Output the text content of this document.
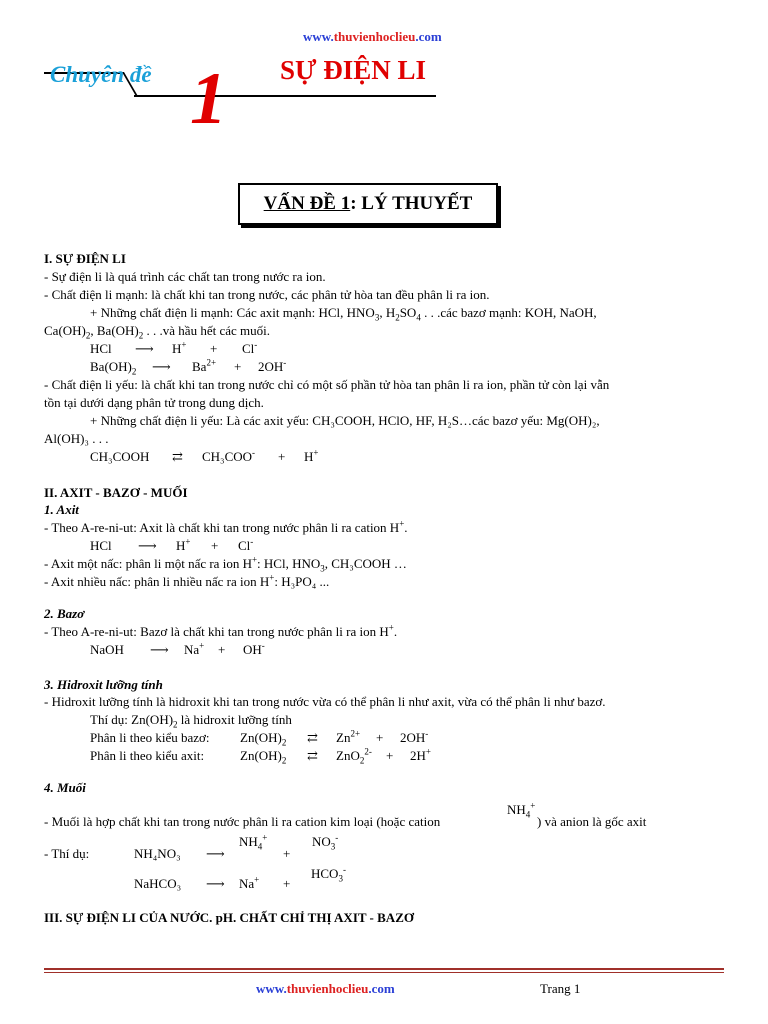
www.thuvienhoclieu.com
Chuyên đề 1 SỰ ĐIỆN LI
VẤN ĐỀ 1 : LÝ THUYẾT
I. SỰ ĐIỆN LI
- Sự điện li là quá trình các chất tan trong nước ra ion.
- Chất điện li mạnh: là chất khi tan trong nước, các phân tử hòa tan đều phân li ra ion.
+ Những chất điện li mạnh: Các axit mạnh: HCl, $HNO_3$, $H_2SO_4$ . . .các bazơ mạnh: KOH, NaOH,
$Ca(OH)_2$, $Ba(OH)_2$ . . .và hầu hết các muối.
HCl ⟶ H+ + Cl-
$Ba(OH)_2$ ⟶ $Ba^{2+} + 2OH^-$
- Chất điện li yếu: là chất khi tan trong nước chỉ có một số phần tử hòa tan phân li ra ion, phần tử còn lại vẫn
tồn tại dưới dạng phân tử trong dung dịch.
+ Những chất điện li yếu: Là các axit yếu: CH₃COOH, HClO, HF, H₂S…các bazơ yếu: Mg(OH)₂,
Al(OH)₃ . . .
CH₃COOH ⇄ CH₃COO- + H+
II. AXIT - BAZƠ - MUỐI
1. Axit
- Theo A-re-ni-ut: Axit là chất khi tan trong nước phân li ra cation H+.
HCl ⟶ H+ + Cl-
- Axit một nấc: phân li một nấc ra ion H+: HCl, $HNO_3$, CH₃COOH …
- Axit nhiều nấc: phân li nhiều nấc ra ion H+: H₃PO₄ ...
2. Bazơ
- Theo A-re-ni-ut: Bazơ là chất khi tan trong nước phân li ra ion H+.
NaOH ⟶ Na+ + OH-
3. Hidroxit lưỡng tính
- Hidroxit lưỡng tính là hidroxit khi tan trong nước vừa có thể phân li như axit, vừa có thể phân li như bazơ.
Thí dụ: $Zn(OH)_2$ là hidroxit lưỡng tính
Phân li theo kiểu bazơ: $Zn(OH)_2$ ⇄ $Zn^{2+} + 2OH^-$
Phân li theo kiểu axit:	$Zn(OH)_2$ ⇄ ZnO$_2^{2-}$ + 2H+
4. Muối
- Muối là hợp chất khi tan trong nước phân li ra cation kim loại (hoặc cation
$NH_4^+$
) và anion là gốc axit
- Thí dụ:	NH₄NO₃ ⟶
$NH_4^+$
+
$NO_3^-$
NaHCO₃ ⟶ Na+ +
$HCO_3^-$
III. SỰ ĐIỆN LI CỦA NƯỚC. pH. CHẤT CHỈ THỊ AXIT - BAZƠ
www.thuvienhoclieu.com	Trang 1
